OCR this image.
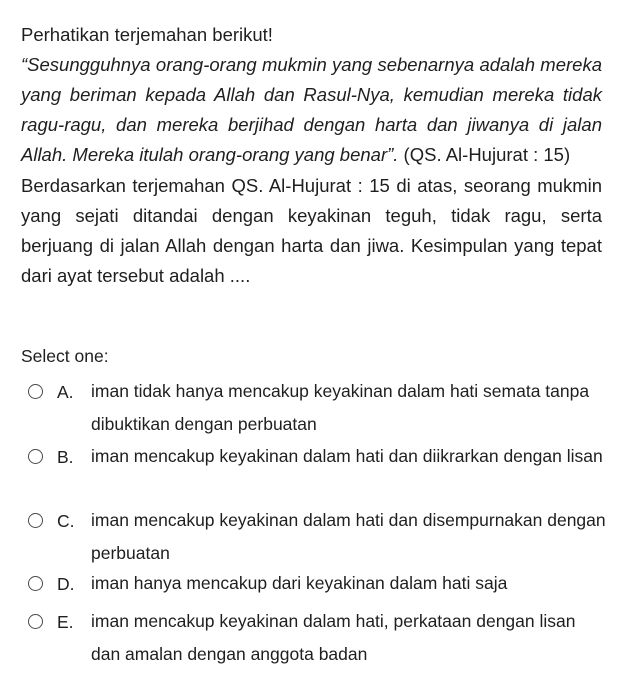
Perhatikan terjemahan berikut!

“Sesungguhnya orang-orang mukmin yang sebenarnya adalah mereka yang beriman kepada Allah dan Rasul-Nya, kemudian mereka tidak ragu-ragu, dan mereka berjihad dengan harta dan jiwanya di jalan Allah. Mereka itulah orang-orang yang benar”. (QS. Al-Hujurat : 15)

Berdasarkan terjemahan QS. Al-Hujurat : 15 di atas, seorang mukmin yang sejati ditandai dengan keyakinan teguh, tidak ragu, serta berjuang di jalan Allah dengan harta dan jiwa. Kesimpulan yang tepat dari ayat tersebut adalah ....

Select one:
A. iman tidak hanya mencakup keyakinan dalam hati semata tanpa dibuktikan dengan perbuatan
B. iman mencakup keyakinan dalam hati dan diikrarkan dengan lisan
C. iman mencakup keyakinan dalam hati dan disempurnakan dengan perbuatan
D. iman hanya mencakup dari keyakinan dalam hati saja
E. iman mencakup keyakinan dalam hati, perkataan dengan lisan dan amalan dengan anggota badan
